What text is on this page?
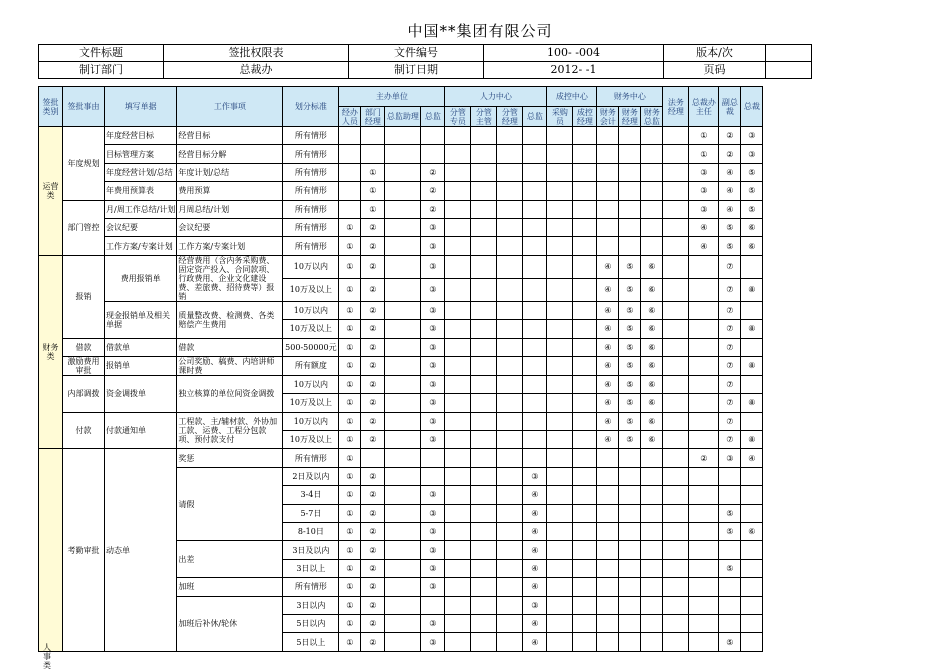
中国**集团有限公司
文件标题	签批权限表	文件编号	100- -004	版本/次	
制订部门	总裁办	制订日期	2012- -1	页码	
签批类别	签批事由	填写单据	工作事项	划分标准	主办单位				人力中心				成控中心		财务中心			法务经理	总裁办主任	副总裁	总裁
					经办人员	部门经理	总监助理	总监	分管专员	分管主管	分管经理	总监	采购员	成控经理	财务会计	财务经理	财务总监				
运营类	年度规划	年度经营目标	经营目标	所有情形															①	②	③
		目标管理方案	经营目标分解	所有情形															①	②	③
		年度经营计划/总结	年度计划/总结	所有情形		①		②											③	④	⑤
		年费用预算表	费用预算	所有情形		①		②											③	④	⑤
	部门管控	月/周工作总结/计划	月周总结/计划	所有情形		①		②											③	④	⑤
		会议纪要	会议纪要	所有情形	①	②		③											④	⑤	⑥
		工作方案/专案计划	工作方案/专案计划	所有情形	①	②		③											④	⑤	⑥
财务类	报销	费用报销单	经营费用（含内务采购费、固定资产投入、合同款项、行政费用、企业文化建设费、差旅费、招待费等）报销	10万以内	①	②		③							④	⑤	⑥			⑦	
				10万及以上	①	②		③							④	⑤	⑥			⑦	⑧
		现金报销单及相关单据	质量整改费、检测费、各类赔偿产生费用	10万以内	①	②		③							④	⑤	⑥			⑦	
				10万及以上	①	②		③							④	⑤	⑥			⑦	⑧
	借款	借款单	借款	500-50000元	①	②		③							④	⑤	⑥			⑦	
	激励费用审批	报销单	公司奖励、稿费、内培讲师课时费	所有额度	①	②		③							④	⑤	⑥			⑦	⑧
	内部调拨	资金调拨单	独立核算的单位间资金调拨	10万以内	①	②		③							④	⑤	⑥			⑦	
				10万及以上	①	②		③							④	⑤	⑥			⑦	⑧
	付款	付款通知单	工程款、主/辅材款、外协加工款、运费、工程分包款项、预付款支付	10万以内	①	②		③							④	⑤	⑥			⑦	
				10万及以上	①	②		③							④	⑤	⑥			⑦	⑧
	考勤审批	动态单	奖惩	所有情形	①														②	③	④
			请假	2日及以内	①	②						③									
				3-4日	①	②		③				④									
				5-7日	①	②		③				④								⑤	
				8-10日	①	②		③				④								⑤	⑥
			出差	3日及以内	①	②		③				④									
				3日以上	①	②		③				④								⑤	
			加班	所有情形	①	②		③				④									
			加班后补休/轮休	3日以内	①	②						③									
				5日以内	①	②		③				④									
				5日以上	①	②		③				④								⑤	
人事类
